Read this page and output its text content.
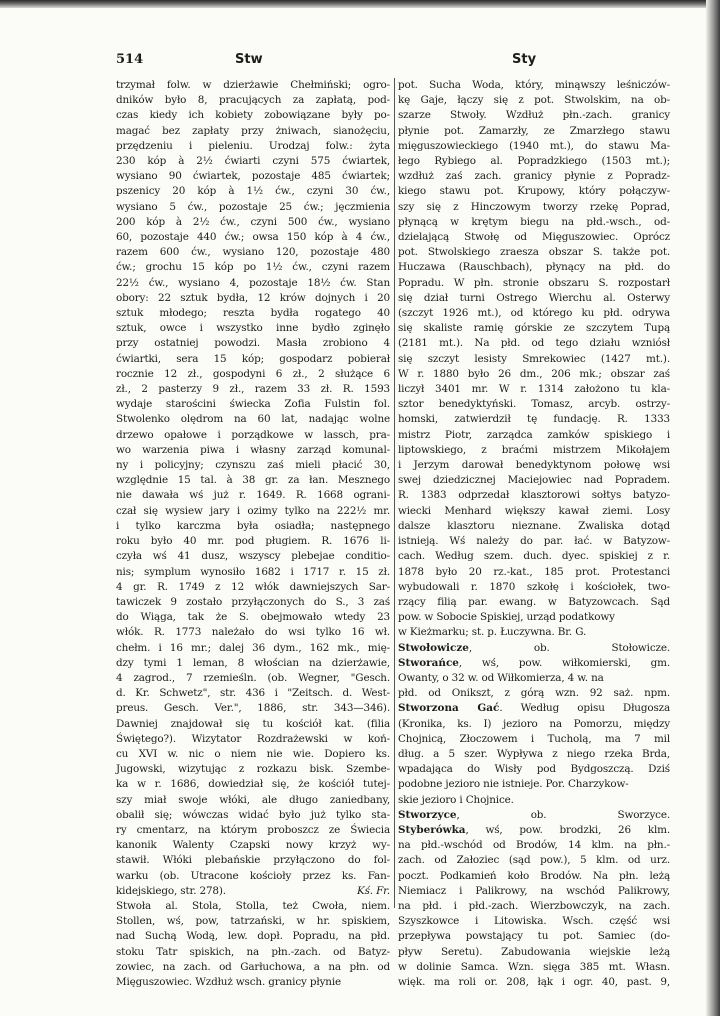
514	Stw	Sty
trzymał folw. w dzierżawie Chełmiński; ogro-
dników było 8, pracujących za zapłatą, pod-
czas kiedy ich kobiety zobowiązane były po-
magać bez zapłaty przy żniwach, sianożęciu,
przędzeniu i pieleniu. Urodzaj folw.: żyta
230 kóp à 2½ ćwiarti czyni 575 ćwiartek,
wysiano 90 ćwiartek, pozostaje 485 ćwiartek;
pszenicy 20 kóp à 1½ ćw., czyni 30 ćw.,
wysiano 5 ćw., pozostaje 25 ćw.; jęczmienia
200 kóp à 2½ ćw., czyni 500 ćw., wysiano
60, pozostaje 440 ćw.; owsa 150 kóp à 4 ćw.,
razem 600 ćw., wysiano 120, pozostaje 480
ćw.; grochu 15 kóp po 1½ ćw., czyni razem
22½ ćw., wysiano 4, pozostaje 18½ ćw. Stan
obory: 22 sztuk bydła, 12 krów dojnych i 20
sztuk młodego; reszta bydła rogatego 40
sztuk, owce i wszystko inne bydło zginęło
przy ostatniej powodzi. Masła zrobiono 4
ćwiartki, sera 15 kóp; gospodarz pobierał
rocznie 12 zł., gospodyni 6 zł., 2 służące 6
zł., 2 pasterzy 9 zł., razem 33 zł. R. 1593
wydaje starościni świecka Zofia Fulstin fol.
Stwolenko olędrom na 60 lat, nadając wolne
drzewo opałowe i porządkowe w lassch, pra-
wo warzenia piwa i własny zarząd komunal-
ny i policyjny; czynszu zaś mieli płacić 30,
względnie 15 tal. à 38 gr. za łan. Mesznego
nie dawała wś już r. 1649. R. 1668 ograni-
czał się wysiew jary i ozimy tylko na 222½ mr.
i tylko karczma była osiadła; następnego
roku było 40 mr. pod pługiem. R. 1676 li-
czyła wś 41 dusz, wszyscy plebejae conditio-
nis; symplum wynosiło 1682 i 1717 r. 15 zł.
4 gr. R. 1749 z 12 włók dawniejszych Sar-
tawiczek 9 zostało przyłączonych do S., 3 zaś
do Wiąga, tak że S. obejmowało wtedy 23
włók. R. 1773 należało do wsi tylko 16 wł.
chełm. i 16 mr.; dalej 36 dym., 162 mk., mię-
dzy tymi 1 leman, 8 włościan na dzierżawie,
4 zagrod., 7 rzemieśln. (ob. Wegner, "Gesch.
d. Kr. Schwetz", str. 436 i "Zeitsch. d. West-
preus. Gesch. Ver.", 1886, str. 343—346).
Dawniej znajdował się tu kościół kat. (filia
Świętego?). Wizytator Rozdrażewski w koń-
cu XVI w. nic o niem nie wie. Dopiero ks.
Jugowski, wizytując z rozkazu bisk. Szembe-
ka w r. 1686, dowiedział się, że kościół tutej-
szy miał swoje włóki, ale długo zaniedbany,
obalił się; wówczas widać było już tylko sta-
ry cmentarz, na którym proboszcz ze Świecia
kanonik Walenty Czapski nowy krzyż wy-
stawił. Włóki plebańskie przyłączono do fol-
warku (ob. Utracone kościoły przez ks. Fan-
kidejskiego, str. 278).	Kś. Fr.
Stwoła al. Stola, Stolla, też Cwoła, niem.
Stollen, wś, pow, tatrzański, w hr. spiskiem,
nad Suchą Wodą, lew. dopł. Popradu, na płd.
stoku Tatr spiskich, na płn.-zach. od Batyz-
zowiec, na zach. od Garłuchowa, a na płn. od
Mięguszowiec. Wzdłuż wsch. granicy płynie
pot. Sucha Woda, który, minąwszy leśniczów-
kę Gaje, łączy się z pot. Stwolskim, na ob-
szarze Stwoły. Wzdłuż płn.-zach. granicy
płynie pot. Zamarzły, ze Zmarzłego stawu
mięguszowieckiego (1940 mt.), do stawu Ma-
łego Rybiego al. Popradzkiego (1503 mt.);
wzdłuż zaś zach. granicy płynie z Popradz-
kiego stawu pot. Krupowy, który połączyw-
szy się z Hinczowym tworzy rzekę Poprad,
płynącą w krętym biegu na płd.-wsch., od-
dzielającą Stwołę od Mięguszowiec. Oprócz
pot. Stwolskiego zraesza obszar S. także pot.
Huczawa (Rauschbach), płynący na płd. do
Popradu. W płn. stronie obszaru S. rozpostarł
się dział turni Ostrego Wierchu al. Osterwy
(szczyt 1926 mt.), od którego ku płd. odrywa
się skaliste ramię górskie ze szczytem Tupą
(2181 mt.). Na płd. od tego działu wzniósł
się szczyt lesisty Smrekowiec (1427 mt.).
W r. 1880 było 26 dm., 206 mk.; obszar zaś
liczył 3401 mr. W r. 1314 założono tu kla-
sztor benedyktyński. Tomasz, arcyb. ostrzy-
homski, zatwierdził tę fundację. R. 1333
mistrz Piotr, zarządca zamków spiskiego i
liptowskiego, z braćmi mistrzem Mikołajem
i Jerzym darował benedyktynom połowę wsi
swej dziedzicznej Maciejowiec nad Popradem.
R. 1383 odprzedał klasztorowi sołtys batyzo-
wiecki Menhard większy kawał ziemi. Losy
dalsze klasztoru nieznane. Zwaliska dotąd
istnieją. Wś należy do par. łać. w Batyzow-
cach. Według szem. duch. dyec. spiskiej z r.
1878 było 20 rz.-kat., 185 prot. Protestanci
wybudowali r. 1870 szkołę i kościołek, two-
rzący filią par. ewang. w Batyzowcach. Sąd
pow. w Sobocie Spiskiej, urząd podatkowy
w Kieżmarku; st. p. Łuczywna. Br. G.
Stwołowicze, ob. Stołowicze.
Stworańce, wś, pow. wiłkomierski, gm.
Owanty, o 32 w. od Wiłkomierza, 4 w. na
płd. od Onikszt, z górą wzn. 92 saż. npm.
Stworzona Gać. Według opisu Długosza
(Kronika, ks. I) jezioro na Pomorzu, między
Chojnicą, Złoczowem i Tucholą, ma 7 mil
dług. a 5 szer. Wypływa z niego rzeka Brda,
wpadająca do Wisły pod Bydgoszczą. Dziś
podobne jezioro nie istnieje. Por. Charzykow-
skie jezioro i Chojnice.
Stworzyce, ob. Sworzyce.
Styberówka, wś, pow. brodzki, 26 klm.
na płd.-wschód od Brodów, 14 klm. na płn.-
zach. od Załoziec (sąd pow.), 5 klm. od urz.
poczt. Podkamień koło Brodów. Na płn. leżą
Niemiacz i Palikrowy, na wschód Palikrowy,
na płd. i płd.-zach. Wierzbowczyk, na zach.
Szyszkowce i Litowiska. Wsch. część wsi
przepływa powstający tu pot. Samiec (do-
pływ Seretu). Zabudowania wiejskie leżą
w dolinie Samca. Wzn. sięga 385 mt. Własn.
więk. ma roli or. 208, łąk i ogr. 40, past. 9,
